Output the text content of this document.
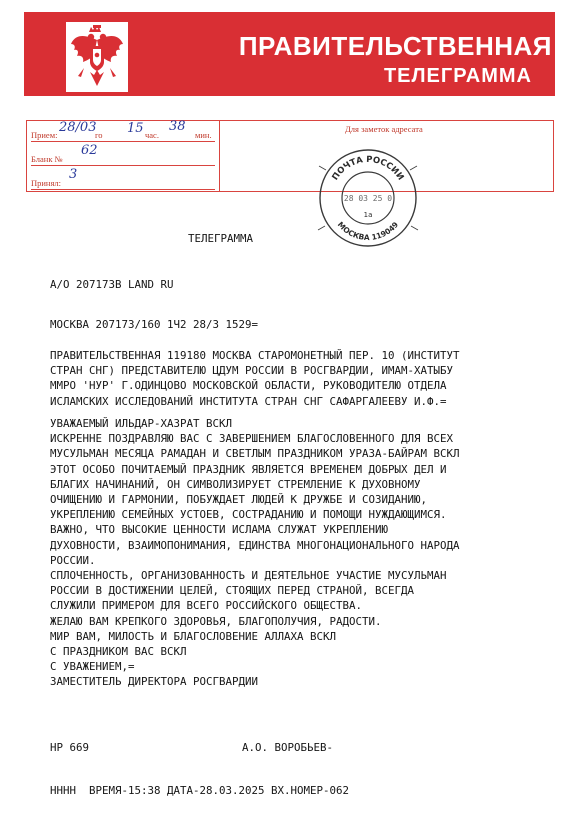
ПРАВИТЕЛЬСТВЕННАЯ
ТЕЛЕГРАММА
Прием: 28/03
го 15 час.
38
мин.
Бланк №
62
Принял:
3
Для заметок адресата
ПОЧТА РОССИИ
28 03 25 0
1а
МОСКВА 119049
ТЕЛЕГРАММА
А/О 207173В LAND RU
МОСКВА 207173/160 1Ч2 28/3 1529=
ПРАВИТЕЛЬСТВЕННАЯ 119180 МОСКВА СТАРОМОНЕТНЫЙ ПЕР. 10 (ИНСТИТУТ
СТРАН СНГ) ПРЕДСТАВИТЕЛЮ ЦДУМ РОССИИ В РОСГВАРДИИ, ИМАМ-ХАТЫБУ
ММРО 'НУР' Г.ОДИНЦОВО МОСКОВСКОЙ ОБЛАСТИ, РУКОВОДИТЕЛЮ ОТДЕЛА
ИСЛАМСКИХ ИССЛЕДОВАНИЙ ИНСТИТУТА СТРАН СНГ САФАРГАЛЕЕВУ И.Ф.=
УВАЖАЕМЫЙ ИЛЬДАР-ХАЗРАТ ВСКЛ
ИСКРЕННЕ ПОЗДРАВЛЯЮ ВАС С ЗАВЕРШЕНИЕМ БЛАГОСЛОВЕННОГО ДЛЯ ВСЕХ
МУСУЛЬМАН МЕСЯЦА РАМАДАН И СВЕТЛЫМ ПРАЗДНИКОМ УРАЗА-БАЙРАМ ВСКЛ
ЭТОТ ОСОБО ПОЧИТАЕМЫЙ ПРАЗДНИК ЯВЛЯЕТСЯ ВРЕМЕНЕМ ДОБРЫХ ДЕЛ И
БЛАГИХ НАЧИНАНИЙ, ОН СИМВОЛИЗИРУЕТ СТРЕМЛЕНИЕ К ДУХОВНОМУ
ОЧИЩЕНИЮ И ГАРМОНИИ, ПОБУЖДАЕТ ЛЮДЕЙ К ДРУЖБЕ И СОЗИДАНИЮ,
УКРЕПЛЕНИЮ СЕМЕЙНЫХ УСТОЕВ, СОСТРАДАНИЮ И ПОМОЩИ НУЖДАЮЩИМСЯ.
ВАЖНО, ЧТО ВЫСОКИЕ ЦЕННОСТИ ИСЛАМА СЛУЖАТ УКРЕПЛЕНИЮ
ДУХОВНОСТИ, ВЗАИМОПОНИМАНИЯ, ЕДИНСТВА МНОГОНАЦИОНАЛЬНОГО НАРОДА
РОССИИ.
СПЛОЧЕННОСТЬ, ОРГАНИЗОВАННОСТЬ И ДЕЯТЕЛЬНОЕ УЧАСТИЕ МУСУЛЬМАН
РОССИИ В ДОСТИЖЕНИИ ЦЕЛЕЙ, СТОЯЩИХ ПЕРЕД СТРАНОЙ, ВСЕГДА
СЛУЖИЛИ ПРИМЕРОМ ДЛЯ ВСЕГО РОССИЙСКОГО ОБЩЕСТВА.
ЖЕЛАЮ ВАМ КРЕПКОГО ЗДОРОВЬЯ, БЛАГОПОЛУЧИЯ, РАДОСТИ.
МИР ВАМ, МИЛОСТЬ И БЛАГОСЛОВЕНИЕ АЛЛАХА ВСКЛ
С ПРАЗДНИКОМ ВАС ВСКЛ
С УВАЖЕНИЕМ,=
ЗАМЕСТИТЕЛЬ ДИРЕКТОРА РОСГВАРДИИ
НР 669	А.О. ВОРОБЬЕВ-
НННН  ВРЕМЯ-15:38 ДАТА-28.03.2025 ВХ.НОМЕР-062
